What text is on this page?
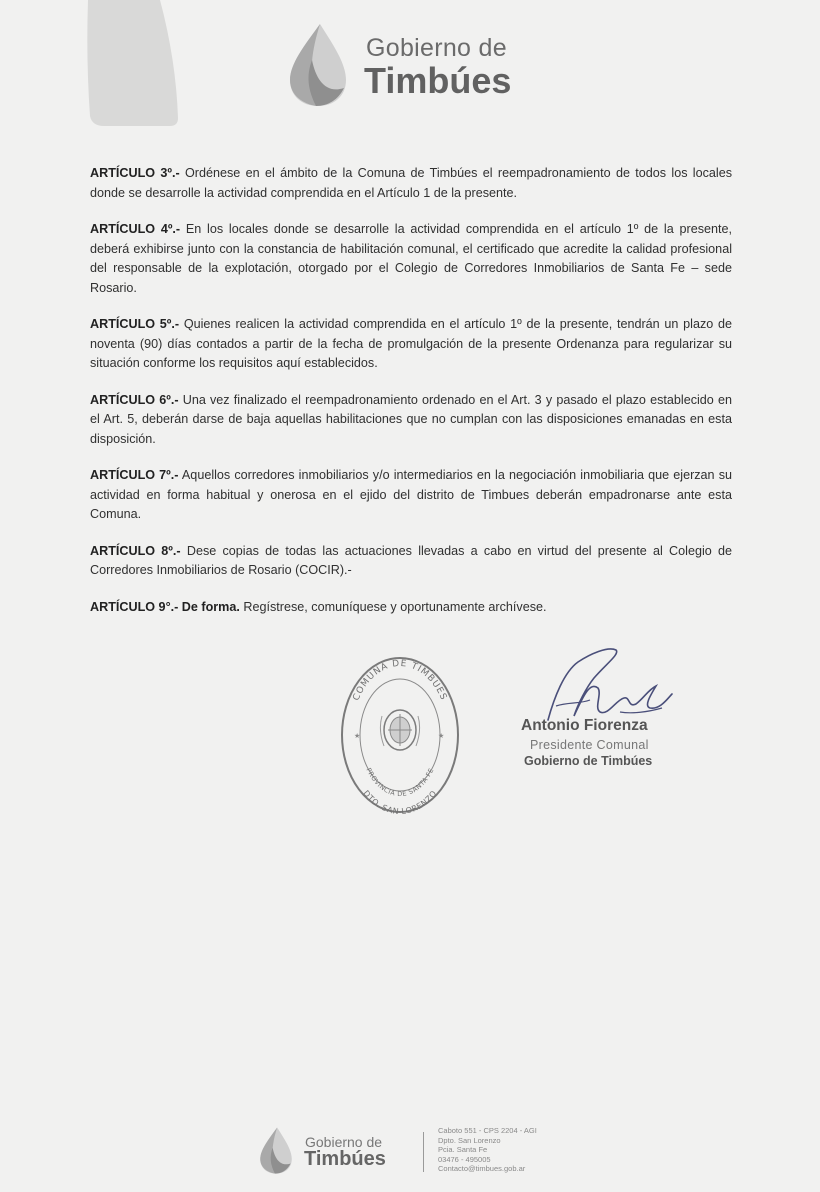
Gobierno de
Timbúes

ARTÍCULO 3º.- Ordénese en el ámbito de la Comuna de Timbúes el reempadronamiento de todos los locales donde se desarrolle la actividad comprendida en el Artículo 1 de la presente.

ARTÍCULO 4º.- En los locales donde se desarrolle la actividad comprendida en el artículo 1º de la presente, deberá exhibirse junto con la constancia de habilitación comunal, el certificado que acredite la calidad profesional del responsable de la explotación, otorgado por el Colegio de Corredores Inmobiliarios de Santa Fe – sede Rosario.

ARTÍCULO 5º.- Quienes realicen la actividad comprendida en el artículo 1º de la presente, tendrán un plazo de noventa (90) días contados a partir de la fecha de promulgación de la presente Ordenanza para regularizar su situación conforme los requisitos aquí establecidos.

ARTÍCULO 6º.- Una vez finalizado el reempadronamiento ordenado en el Art. 3 y pasado el plazo establecido en el Art. 5, deberán darse de baja aquellas habilitaciones que no cumplan con las disposiciones emanadas en esta disposición.

ARTÍCULO 7º.- Aquellos corredores inmobiliarios y/o intermediarios en la negociación inmobiliaria que ejerzan su actividad en forma habitual y onerosa en el ejido del distrito de Timbues deberán empadronarse ante esta Comuna.

ARTÍCULO 8º.- Dese copias de todas las actuaciones llevadas a cabo en virtud del presente al Colegio de Corredores Inmobiliarios de Rosario (COCIR).-

ARTÍCULO 9°.- De forma. Regístrese, comuníquese y oportunamente archívese.

COMUNA DE TIMBUES
PROVINCIA DE SANTA FE
DTO. SAN LORENZO
★	★
Antonio Fiorenza
Presidente Comunal
Gobierno de Timbúes
Gobierno de
Timbúes
Caboto 551 - CPS 2204 - AGI
Dpto. San Lorenzo
Pcia. Santa Fe
03476 - 495005
Contacto@timbues.gob.ar
